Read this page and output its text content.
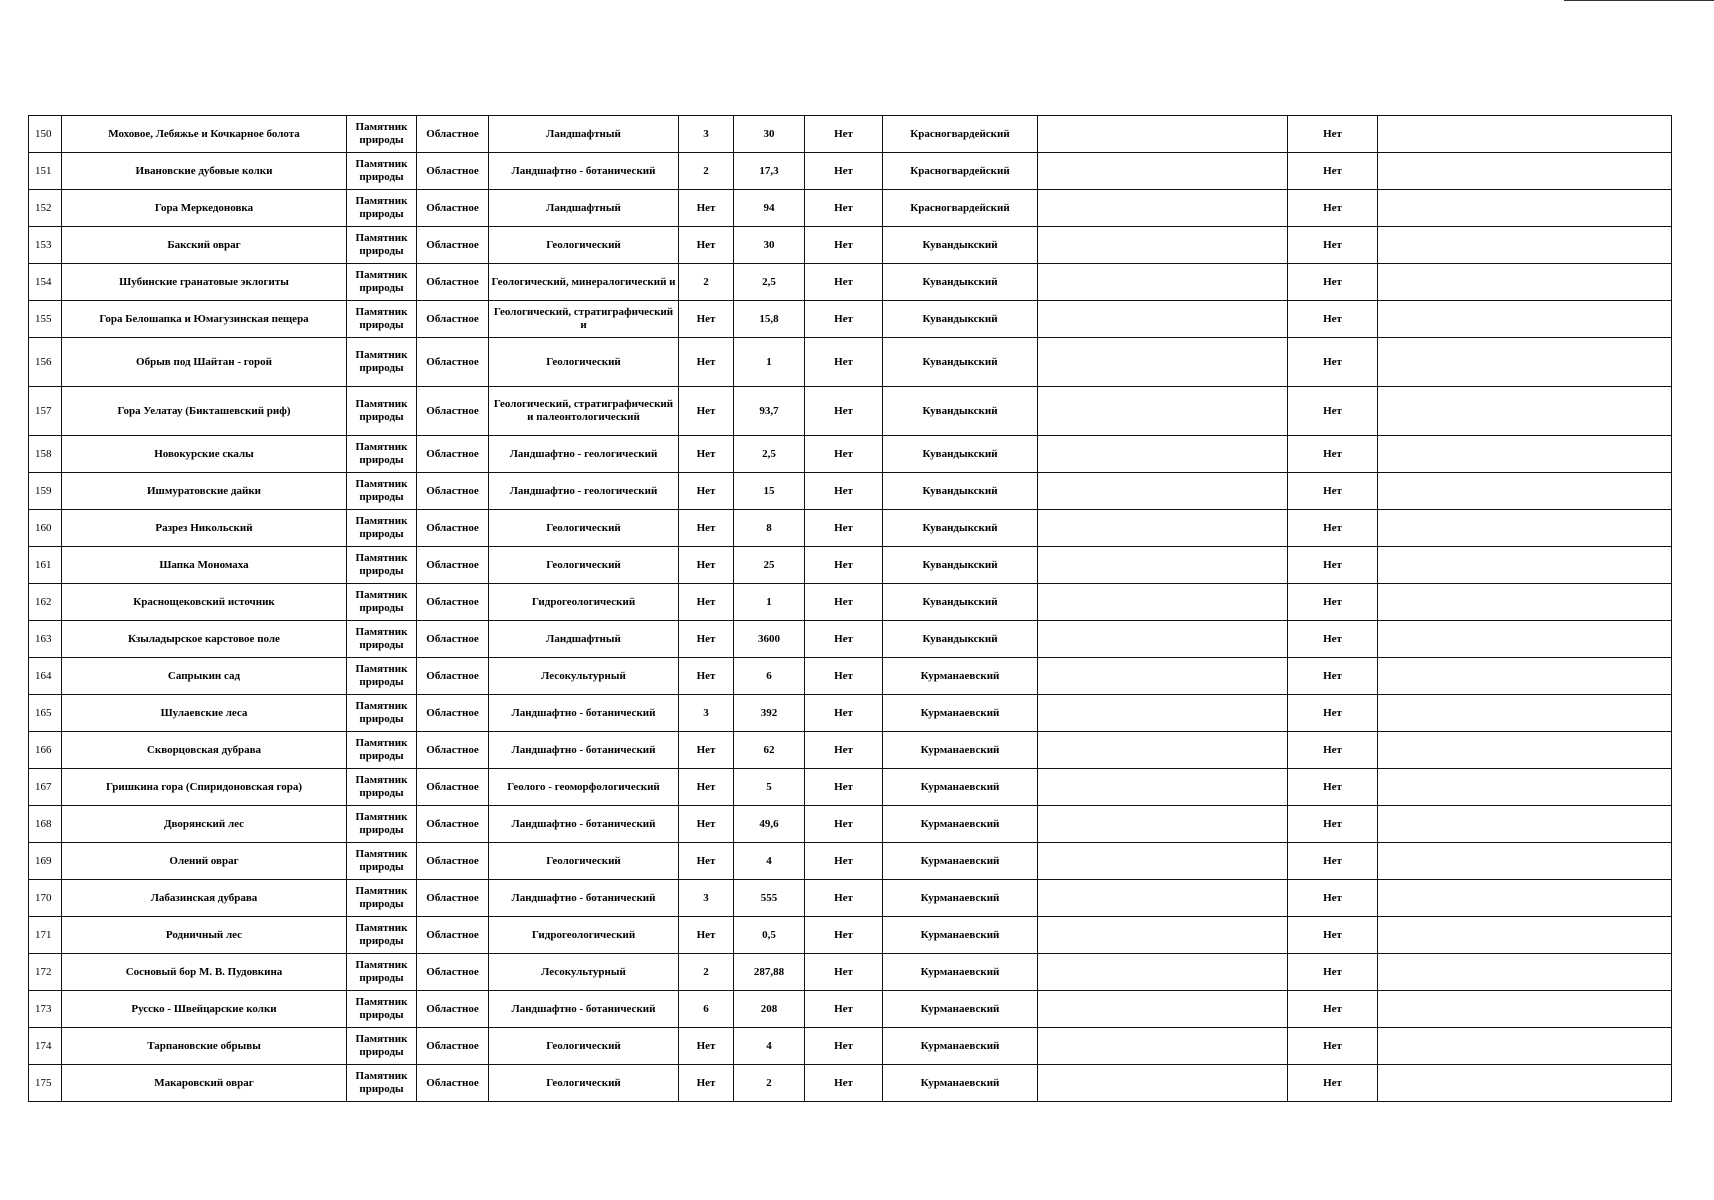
150	Моховое, Лебяжье и Кочкарное болота	Памятник
природы	Областное	Ландшафтный	3	30	Нет	Красногвардейский		Нет	
151	Ивановские дубовые колки	Памятник
природы	Областное	Ландшафтно - ботанический	2	17,3	Нет	Красногвардейский		Нет	
152	Гора Меркедоновка	Памятник
природы	Областное	Ландшафтный	Нет	94	Нет	Красногвардейский		Нет	
153	Бакский овраг	Памятник
природы	Областное	Геологический	Нет	30	Нет	Кувандыкский		Нет	
154	Шубинские гранатовые эклогиты	Памятник
природы	Областное	Геологический, минералогический и	2	2,5	Нет	Кувандыкский		Нет	
155	Гора Белошапка и Юмагузинская пещера	Памятник
природы	Областное	Геологический, стратиграфический и	Нет	15,8	Нет	Кувандыкский		Нет	
156	Обрыв под Шайтан - горой	Памятник
природы	Областное	Геологический	Нет	1	Нет	Кувандыкский		Нет	
157	Гора Уелатау (Бикташевский риф)	Памятник
природы	Областное	Геологический, стратиграфический и палеонтологический	Нет	93,7	Нет	Кувандыкский		Нет	
158	Новокурские скалы	Памятник
природы	Областное	Ландшафтно - геологический	Нет	2,5	Нет	Кувандыкский		Нет	
159	Ишмуратовские дайки	Памятник
природы	Областное	Ландшафтно - геологический	Нет	15	Нет	Кувандыкский		Нет	
160	Разрез Никольский	Памятник
природы	Областное	Геологический	Нет	8	Нет	Кувандыкский		Нет	
161	Шапка Мономаха	Памятник
природы	Областное	Геологический	Нет	25	Нет	Кувандыкский		Нет	
162	Краснощековский источник	Памятник
природы	Областное	Гидрогеологический	Нет	1	Нет	Кувандыкский		Нет	
163	Кзыладырское карстовое поле	Памятник
природы	Областное	Ландшафтный	Нет	3600	Нет	Кувандыкский		Нет	
164	Сапрыкин сад	Памятник
природы	Областное	Лесокультурный	Нет	6	Нет	Курманаевский		Нет	
165	Шулаевские леса	Памятник
природы	Областное	Ландшафтно - ботанический	3	392	Нет	Курманаевский		Нет	
166	Скворцовская дубрава	Памятник
природы	Областное	Ландшафтно - ботанический	Нет	62	Нет	Курманаевский		Нет	
167	Гришкина гора (Спиридоновская гора)	Памятник
природы	Областное	Геолого - геоморфологический	Нет	5	Нет	Курманаевский		Нет	
168	Дворянский лес	Памятник
природы	Областное	Ландшафтно - ботанический	Нет	49,6	Нет	Курманаевский		Нет	
169	Олений овраг	Памятник
природы	Областное	Геологический	Нет	4	Нет	Курманаевский		Нет	
170	Лабазинская дубрава	Памятник
природы	Областное	Ландшафтно - ботанический	3	555	Нет	Курманаевский		Нет	
171	Родничный лес	Памятник
природы	Областное	Гидрогеологический	Нет	0,5	Нет	Курманаевский		Нет	
172	Сосновый бор М. В. Пудовкина	Памятник
природы	Областное	Лесокультурный	2	287,88	Нет	Курманаевский		Нет	
173	Русско - Швейцарские колки	Памятник
природы	Областное	Ландшафтно - ботанический	6	208	Нет	Курманаевский		Нет	
174	Тарпановские обрывы	Памятник
природы	Областное	Геологический	Нет	4	Нет	Курманаевский		Нет	
175	Макаровский овраг	Памятник
природы	Областное	Геологический	Нет	2	Нет	Курманаевский		Нет	
